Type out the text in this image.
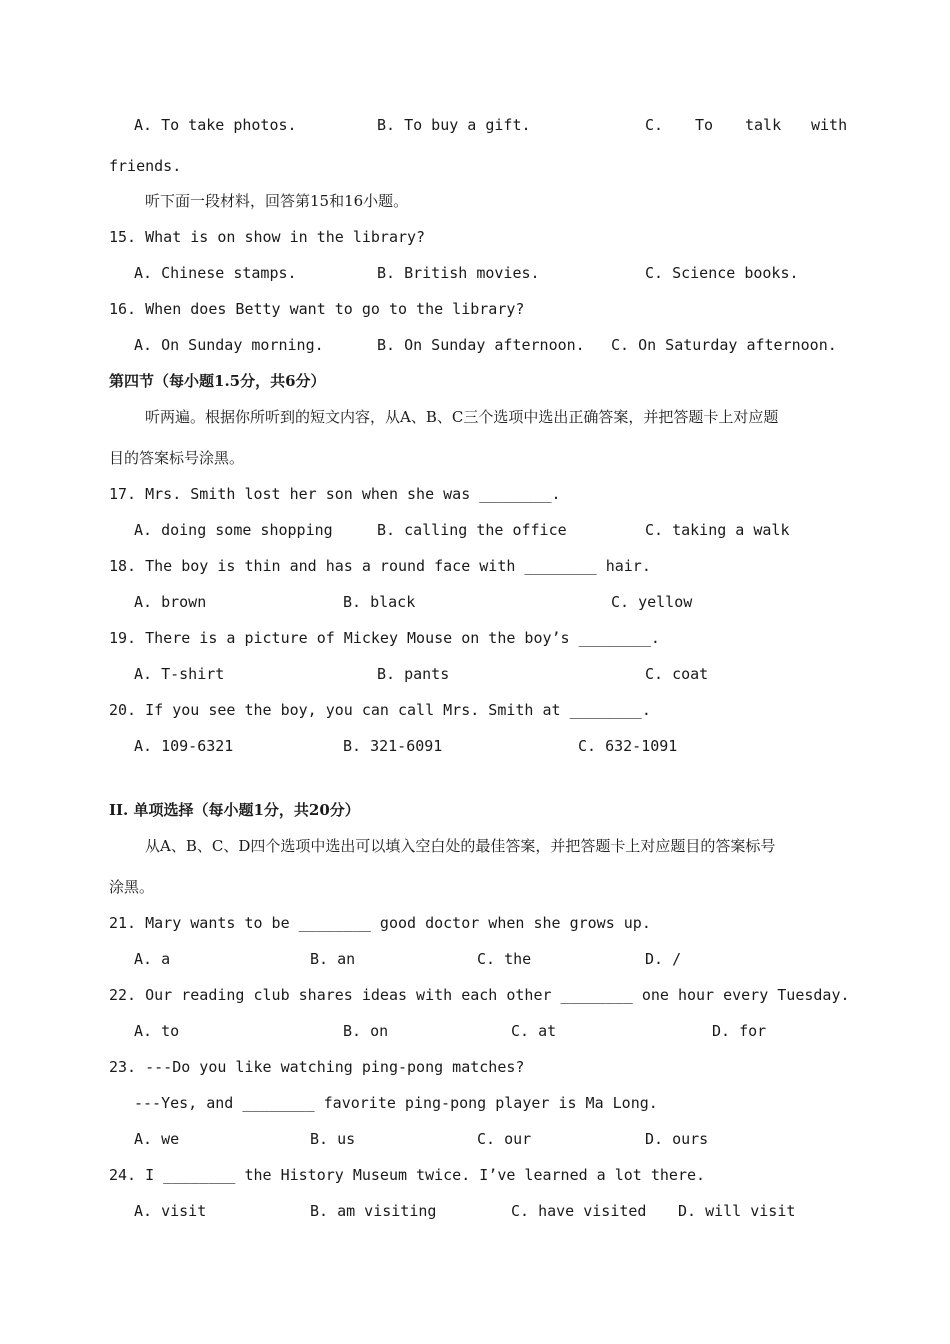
A. To take photos.	B. To buy a gift.	C. To talk with
friends.
听下面一段材料，回答第15和16小题。
15. What is on show in the library?
A. Chinese stamps.	B. British movies.	C. Science books.
16. When does Betty want to go to the library?
A. On Sunday morning.	B. On Sunday afternoon. C. On Saturday afternoon.
第四节（每小题1.5分，共6分）
听两遍。根据你所听到的短文内容，从A、B、C三个选项中选出正确答案，并把答题卡上对应题
目的答案标号涂黑。
17. Mrs. Smith lost her son when she was ________.
A. doing some shopping	B. calling the office	C. taking a walk
18. The boy is thin and has a round face with ________ hair.
A. brown	B. black	C. yellow
19. There is a picture of Mickey Mouse on the boy’s ________.
A. T-shirt	B. pants	C. coat
20. If you see the boy, you can call Mrs. Smith at ________.
A. 109-6321	B. 321-6091	C. 632-1091
II. 单项选择（每小题1分，共20分）
从A、B、C、D四个选项中选出可以填入空白处的最佳答案，并把答题卡上对应题目的答案标号
涂黑。
21. Mary wants to be ________ good doctor when she grows up.
A. a	B. an	C. the	D. /
22. Our reading club shares ideas with each other ________ one hour every Tuesday.
A. to	B. on	C. at	D. for
23. ---Do you like watching ping-pong matches?
---Yes, and ________ favorite ping-pong player is Ma Long.
A. we	B. us	C. our	D. ours
24. I ________ the History Museum twice. I’ve learned a lot there.
A. visit	B. am visiting	C. have visited D. will visit
